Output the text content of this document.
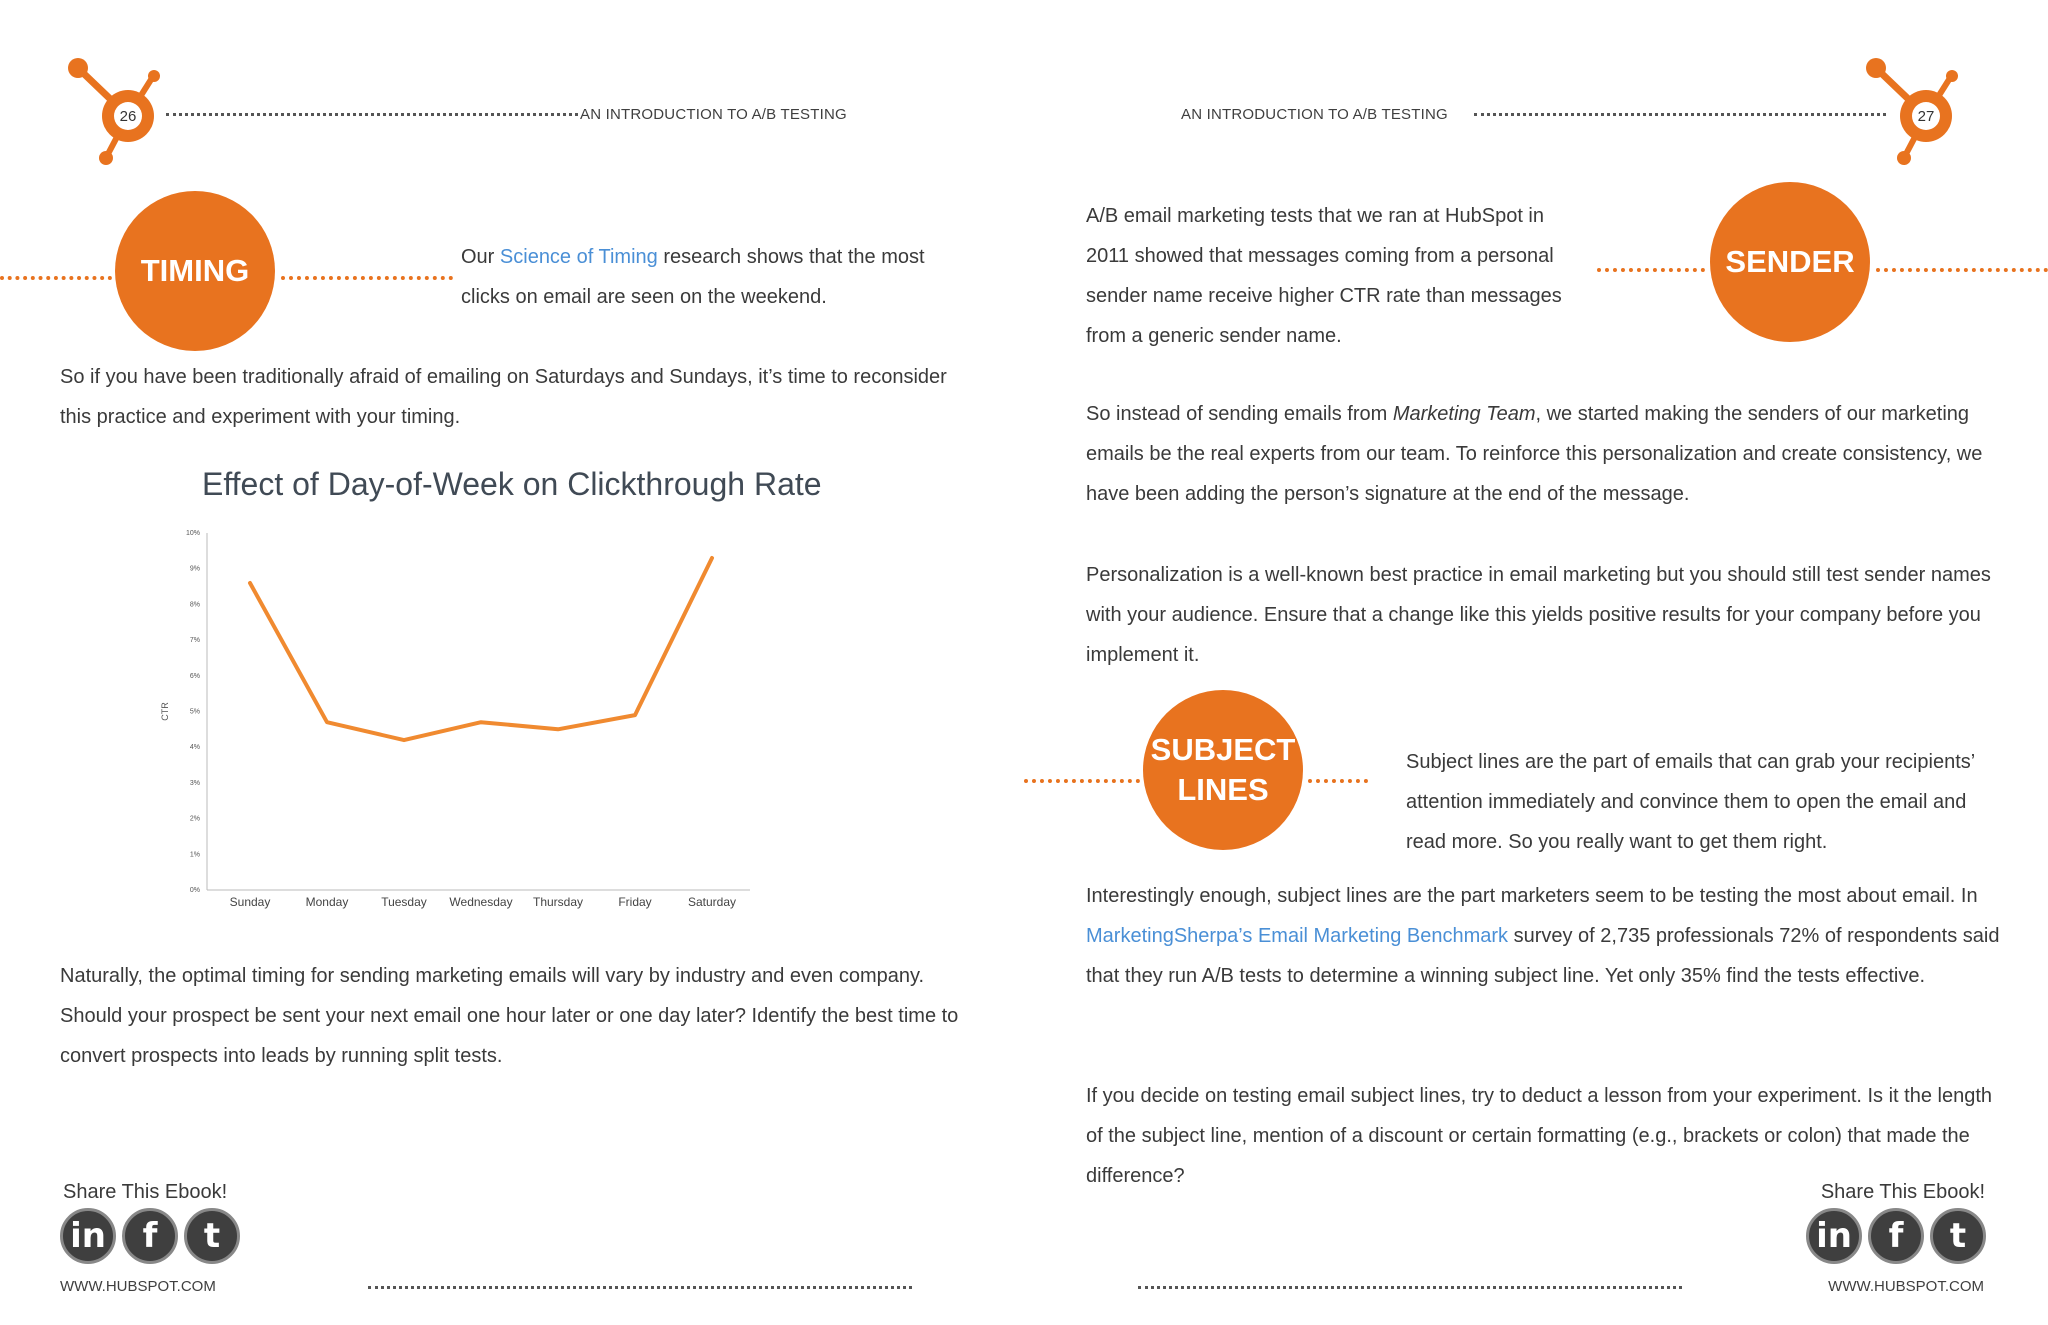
26	AN INTRODUCTION TO A/B TESTING
TIMING	Our Science of Timing research shows that the most clicks on email are seen on the weekend.
So if you have been traditionally afraid of emailing on Saturdays and Sundays, it’s time to reconsider this practice and experiment with your timing.
Effect of Day-of-Week on Clickthrough Rate
0%
1%
2%
3%
4%
5%
6%
7%
8%
9%
10%
CTR
Sunday	Monday	Tuesday Wednesday Thursday	Friday	Saturday
Naturally, the optimal timing for sending marketing emails will vary by industry and even company. Should your prospect be sent your next email one hour later or one day later? Identify the best time to convert prospects into leads by running split tests.
Share This Ebook!
in	f	t
WWW.HUBSPOT.COM
AN INTRODUCTION TO A/B TESTING	27
A/B email marketing tests that we ran at HubSpot in 2011 showed that messages coming from a personal sender name receive higher CTR rate than messages from a generic sender name.
SENDER
So instead of sending emails from Marketing Team, we started making the senders of our marketing emails be the real experts from our team. To reinforce this personalization and create consistency, we have been adding the person’s signature at the end of the message.
Personalization is a well-known best practice in email marketing but you should still test sender names with your audience. Ensure that a change like this yields positive results for your company before you implement it.
SUBJECT
LINES
Subject lines are the part of emails that can grab your recipients’ attention immediately and convince them to open the email and read more. So you really want to get them right.
Interestingly enough, subject lines are the part marketers seem to be testing the most about email. In MarketingSherpa’s Email Marketing Benchmark survey of 2,735 professionals 72% of respondents said that they run A/B tests to determine a winning subject line. Yet only 35% find the tests effective.
If you decide on testing email subject lines, try to deduct a lesson from your experiment. Is it the length of the subject line, mention of a discount or certain formatting (e.g., brackets or colon) that made the difference?
Share This Ebook!
in	f	t
WWW.HUBSPOT.COM
